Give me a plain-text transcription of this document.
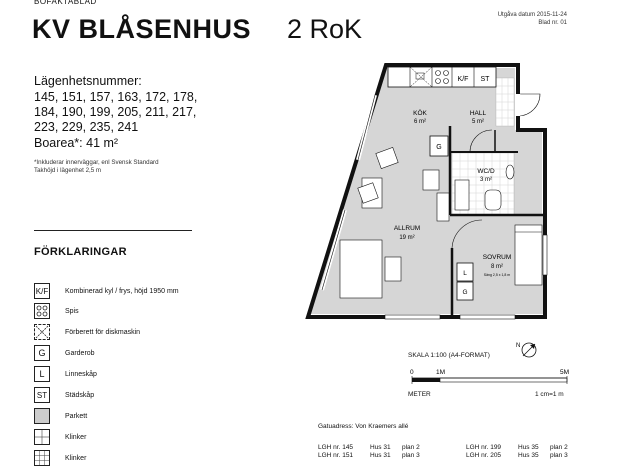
BOFAKTABLAD
KV BLÅSENHUS 2 RoK	Utgåva datum 2015-11-24
Blad nr. 01
Lägenhetsnummer:
145, 151, 157, 163, 172, 178,
184, 190, 199, 205, 211, 217,
223, 229, 235, 241
Boarea*: 41 m²
*Inkluderar innerväggar, enl Svensk Standard
Takhöjd i lägenhet 2,5 m
FÖRKLARINGAR
K/F Kombinerad kyl / frys, höjd 1950 mm
Spis
Förberett för diskmaskin
G	Garderob
L	Linneskåp
ST	Städskåp
Parkett
Klinker
Klinker
K/F ST
KÖK
6 m²
HALL
5 m²
WC/D
3 m²
ALLRUM
19 m²
SOVRUM
8 m²
Säng 2,5 x 1,8 m
G
L
G
N
SKALA 1:100 (A4-FORMAT)
0	1M	5M
METER	1 cm=1 m
Gatuadress: Von Kraemers allé
LGH nr. 145	Hus 31 plan 2
LGH nr. 151	Hus 31 plan 3
LGH nr. 199	Hus 35 plan 2
LGH nr. 205	Hus 35 plan 3
